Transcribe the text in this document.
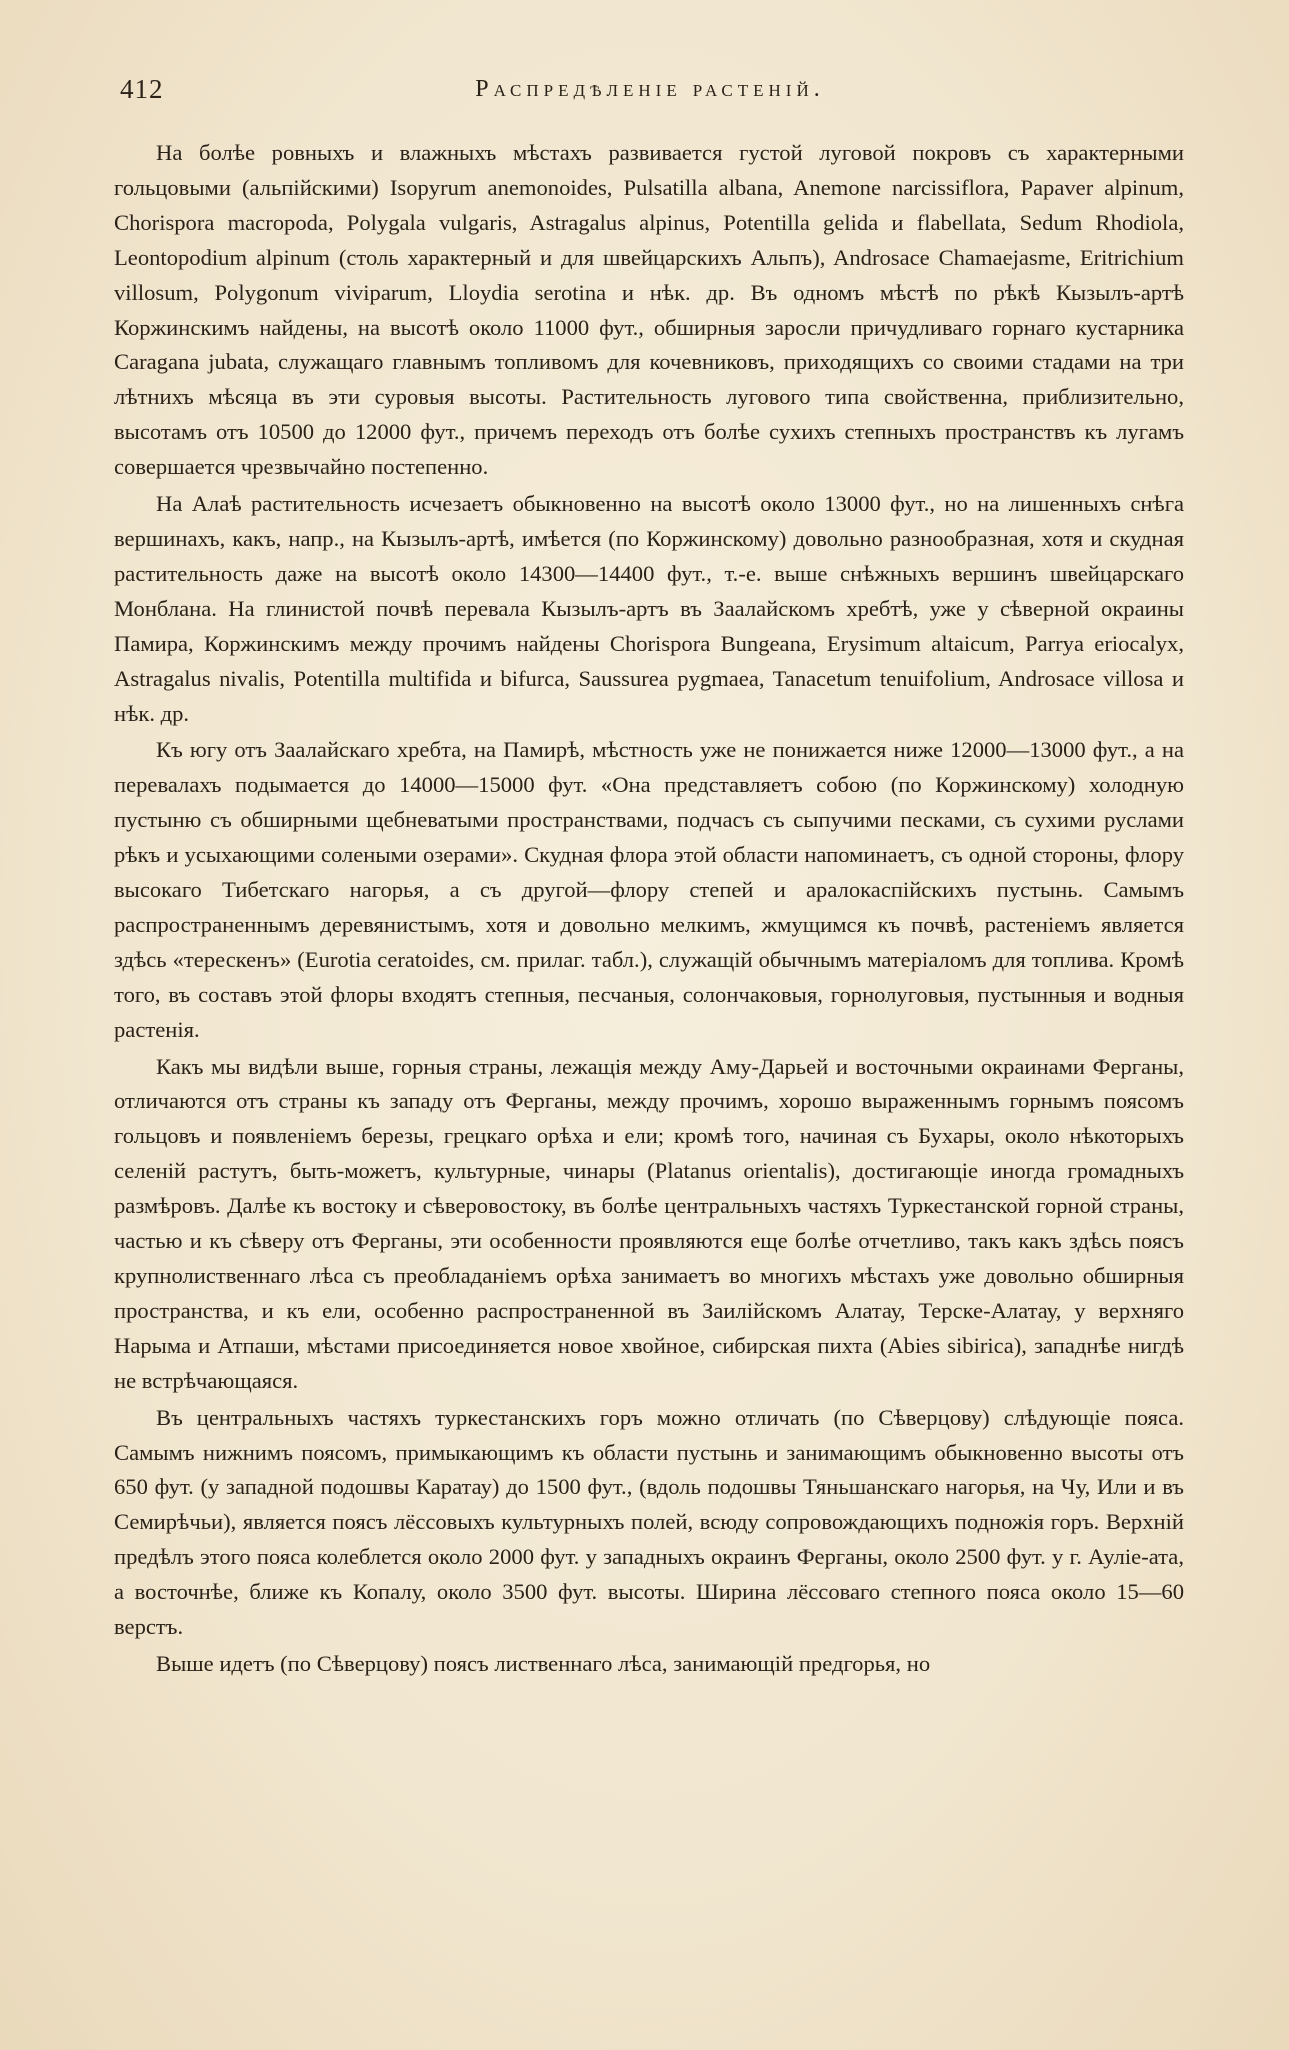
412	Распредѣленіе растеній.

На болѣе ровныхъ и влажныхъ мѣстахъ развивается густой луговой покровъ съ характерными гольцовыми (альпійскими) Isopyrum anemonoides, Pulsatilla albana, Anemone narcissiflora, Papaver alpinum, Chorispora macropoda, Polygala vulgaris, Astragalus alpinus, Potentilla gelida и flabellata, Sedum Rhodiola, Leontopodium alpinum (столь характерный и для швейцарскихъ Альпъ), Androsace Chamaejasme, Eritrichium villosum, Polygonum viviparum, Lloydia serotina и нѣк. др. Въ одномъ мѣстѣ по рѣкѣ Кызылъ-артѣ Коржинскимъ найдены, на высотѣ около 11000 фут., обширныя заросли причудливаго горнаго кустарника Caragana jubata, служащаго главнымъ топливомъ для кочевниковъ, приходящихъ со своими стадами на три лѣтнихъ мѣсяца въ эти суровыя высоты. Растительность лугового типа свойственна, приблизительно, высотамъ отъ 10500 до 12000 фут., причемъ переходъ отъ болѣе сухихъ степныхъ пространствъ къ лугамъ совершается чрезвычайно постепенно.

На Алаѣ растительность исчезаетъ обыкновенно на высотѣ около 13000 фут., но на лишенныхъ снѣга вершинахъ, какъ, напр., на Кызылъ-артѣ, имѣется (по Коржинскому) довольно разнообразная, хотя и скудная растительность даже на высотѣ около 14300—14400 фут., т.-е. выше снѣжныхъ вершинъ швейцарскаго Монблана. На глинистой почвѣ перевала Кызылъ-артъ въ Заалайскомъ хребтѣ, уже у сѣверной окраины Памира, Коржинскимъ между прочимъ найдены Chorispora Bungeana, Erysimum altaicum, Parrya eriocalyx, Astragalus nivalis, Potentilla multifida и bifurca, Saussurea pygmaea, Tanacetum tenuifolium, Androsace villosa и нѣк. др.

Къ югу отъ Заалайскаго хребта, на Памирѣ, мѣстность уже не понижается ниже 12000—13000 фут., а на перевалахъ подымается до 14000—15000 фут. «Она представляетъ собою (по Коржинскому) холодную пустыню съ обширными щебневатыми пространствами, подчасъ съ сыпучими песками, съ сухими руслами рѣкъ и усыхающими солеными озерами». Скудная флора этой области напоминаетъ, съ одной стороны, флору высокаго Тибетскаго нагорья, а съ другой—флору степей и аралокаспійскихъ пустынь. Самымъ распространеннымъ деревянистымъ, хотя и довольно мелкимъ, жмущимся къ почвѣ, растеніемъ является здѣсь «терескенъ» (Eurotia ceratoides, см. прилаг. табл.), служащій обычнымъ матеріаломъ для топлива. Кромѣ того, въ составъ этой флоры входятъ степныя, песчаныя, солончаковыя, горнолуговыя, пустынныя и водныя растенія.

Какъ мы видѣли выше, горныя страны, лежащія между Аму-Дарьей и восточными окраинами Ферганы, отличаются отъ страны къ западу отъ Ферганы, между прочимъ, хорошо выраженнымъ горнымъ поясомъ гольцовъ и появленіемъ березы, грецкаго орѣха и ели; кромѣ того, начиная съ Бухары, около нѣкоторыхъ селеній растутъ, быть-можетъ, культурные, чинары (Platanus orientalis), достигающіе иногда громадныхъ размѣровъ. Далѣе къ востоку и сѣверовостоку, въ болѣе центральныхъ частяхъ Туркестанской горной страны, частью и къ сѣверу отъ Ферганы, эти особенности проявляются еще болѣе отчетливо, такъ какъ здѣсь поясъ крупнолиственнаго лѣса съ преобладаніемъ орѣха занимаетъ во многихъ мѣстахъ уже довольно обширныя пространства, и къ ели, особенно распространенной въ Заилійскомъ Алатау, Терске-Алатау, у верхняго Нарыма и Атпаши, мѣстами присоединяется новое хвойное, сибирская пихта (Abies sibirica), западнѣе нигдѣ не встрѣчающаяся.

Въ центральныхъ частяхъ туркестанскихъ горъ можно отличать (по Сѣверцову) слѣдующіе пояса. Самымъ нижнимъ поясомъ, примыкающимъ къ области пустынь и занимающимъ обыкновенно высоты отъ 650 фут. (у западной подошвы Каратау) до 1500 фут., (вдоль подошвы Тяньшанскаго нагорья, на Чу, Или и въ Семирѣчьи), является поясъ лёссовыхъ культурныхъ полей, всюду сопровождающихъ подножія горъ. Верхній предѣлъ этого пояса колеблется около 2000 фут. у западныхъ окраинъ Ферганы, около 2500 фут. у г. Ауліе-ата, а восточнѣе, ближе къ Копалу, около 3500 фут. высоты. Ширина лёссоваго степного пояса около 15—60 верстъ.

Выше идетъ (по Сѣверцову) поясъ лиственнаго лѣса, занимающій предгорья, но
